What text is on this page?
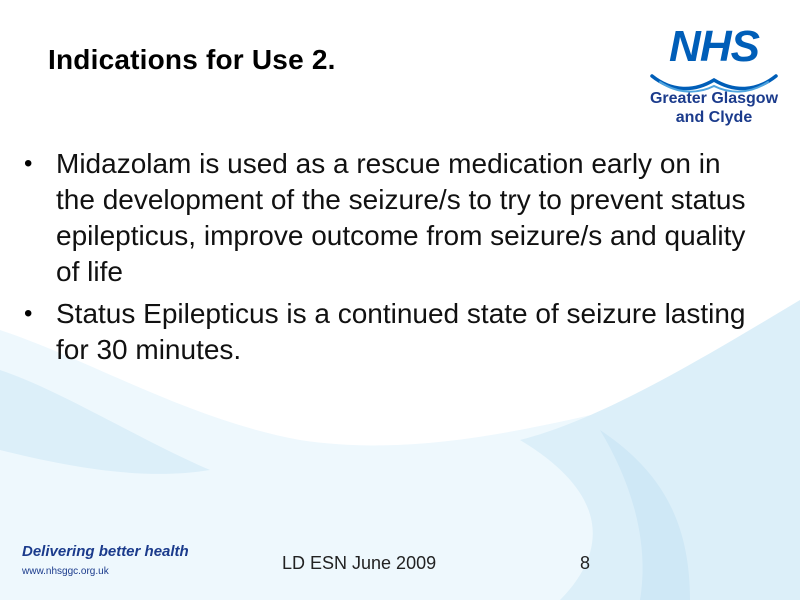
Indications for Use 2.	NHS
Greater Glasgow
and Clyde
• Midazolam is used as a rescue medication early on in the development of the seizure/s to try to prevent status epilepticus, improve outcome from seizure/s and quality of life
• Status Epilepticus is a continued state of seizure lasting for 30 minutes.
Delivering better health
www.nhsggc.org.uk	LD ESN June 2009	8
